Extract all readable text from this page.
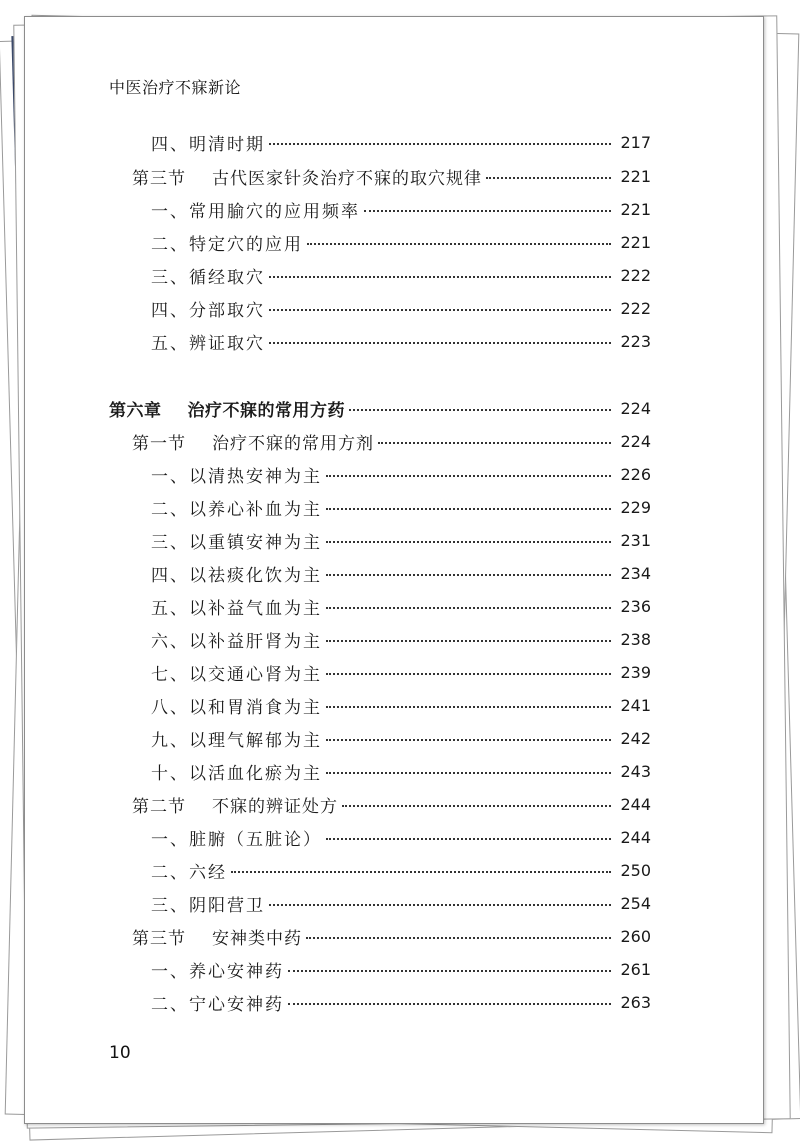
中医治疗不寐新论
四、明清时期	217
第三节 古代医家针灸治疗不寐的取穴规律	221
一、常用腧穴的应用频率	221
二、特定穴的应用	221
三、循经取穴	222
四、分部取穴	222
五、辨证取穴	223
第六章 治疗不寐的常用方药	224
第一节 治疗不寐的常用方剂	224
一、以清热安神为主	226
二、以养心补血为主	229
三、以重镇安神为主	231
四、以祛痰化饮为主	234
五、以补益气血为主	236
六、以补益肝肾为主	238
七、以交通心肾为主	239
八、以和胃消食为主	241
九、以理气解郁为主	242
十、以活血化瘀为主	243
第二节 不寐的辨证处方	244
一、脏腑（五脏论）	244
二、六经	250
三、阴阳营卫	254
第三节 安神类中药	260
一、养心安神药	261
二、宁心安神药	263
10
